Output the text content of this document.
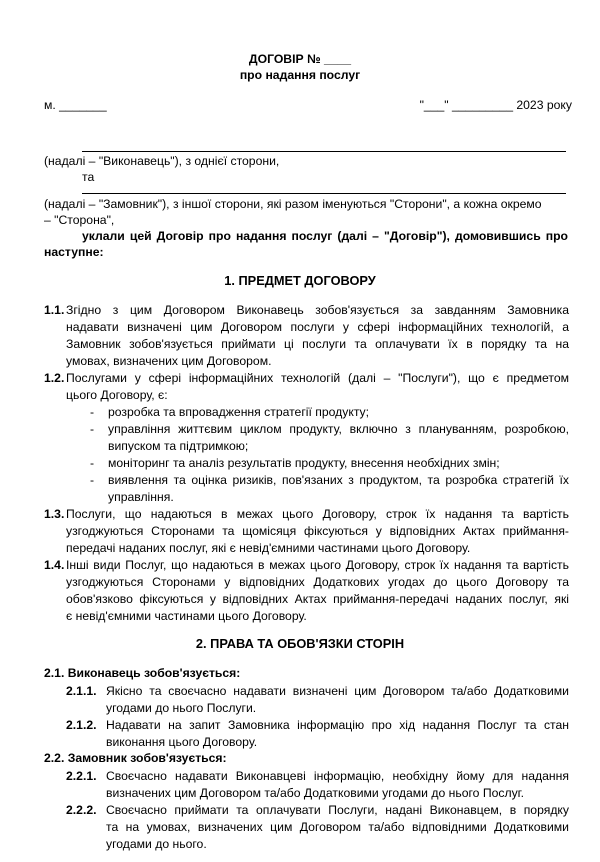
ДОГОВІР № ____
про надання послуг
м. _______	"___" _________ 2023 року
(надалі – "Виконавець"), з однієї сторони,
та
(надалі – "Замовник"), з іншої сторони, які разом іменуються "Сторони", а кожна окремо
– "Сторона",
уклали цей Договір про надання послуг (далі – "Договір"), домовившись про
наступне:
1. ПРЕДМЕТ ДОГОВОРУ
1.1. Згідно з цим Договором Виконавець зобов'язується за завданням Замовника
надавати визначені цим Договором послуги у сфері інформаційних технологій, а
Замовник зобов'язується приймати ці послуги та оплачувати їх в порядку та на
умовах, визначених цим Договором.
1.2. Послугами у сфері інформаційних технологій (далі – "Послуги"), що є предметом
цього Договору, є:
- розробка та впровадження стратегії продукту;
- управління життєвим циклом продукту, включно з плануванням, розробкою,
випуском та підтримкою;
- моніторинг та аналіз результатів продукту, внесення необхідних змін;
- виявлення та оцінка ризиків, пов'язаних з продуктом, та розробка стратегій їх
управління.
1.3. Послуги, що надаються в межах цього Договору, строк їх надання та вартість
узгоджуються Сторонами та щомісяця фіксуються у відповідних Актах приймання-
передачі наданих послуг, які є невід'ємними частинами цього Договору.
1.4. Інші види Послуг, що надаються в межах цього Договору, строк їх надання та вартість
узгоджуються Сторонами у відповідних Додаткових угодах до цього Договору та
обов'язково фіксуються у відповідних Актах приймання-передачі наданих послуг, які
є невід'ємними частинами цього Договору.
2. ПРАВА ТА ОБОВ'ЯЗКИ СТОРІН
2.1. Виконавець зобов'язується:
2.1.1. Якісно та своєчасно надавати визначені цим Договором та/або Додатковими
угодами до нього Послуги.
2.1.2. Надавати на запит Замовника інформацію про хід надання Послуг та стан
виконання цього Договору.
2.2. Замовник зобов'язується:
2.2.1. Своєчасно надавати Виконавцеві інформацію, необхідну йому для надання
визначених цим Договором та/або Додатковими угодами до нього Послуг.
2.2.2. Своєчасно приймати та оплачувати Послуги, надані Виконавцем, в порядку
та на умовах, визначених цим Договором та/або відповідними Додатковими
угодами до нього.
